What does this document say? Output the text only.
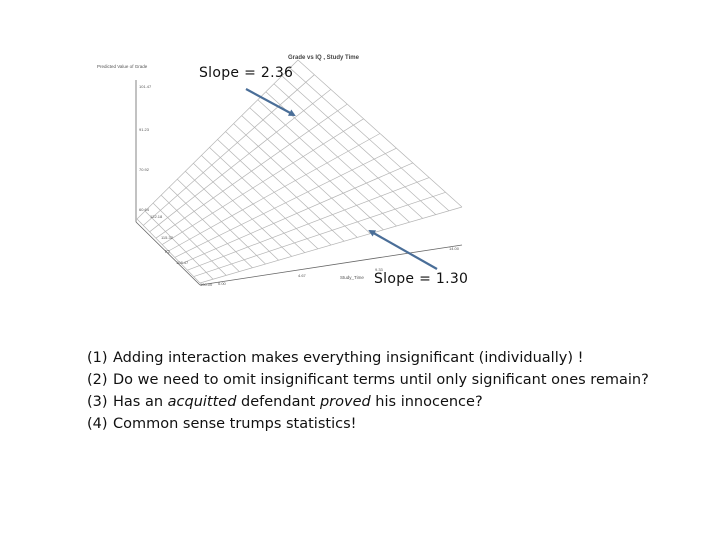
Grade vs IQ , Study Time
Predicted Value of Grade
101.47
91.23
70.92
60.64
122.18
115.32
IQ
108.47
100.00 0.00
4.67	Study_Time
9.33
14.00
Slope = 2.36
Slope = 1.30
(1) Adding interaction makes everything insignificant (individually) !
(2) Do we need to omit insignificant terms until only significant ones remain?
(3) Has an acquitted defendant proved his innocence?
(4) Common sense trumps statistics!
